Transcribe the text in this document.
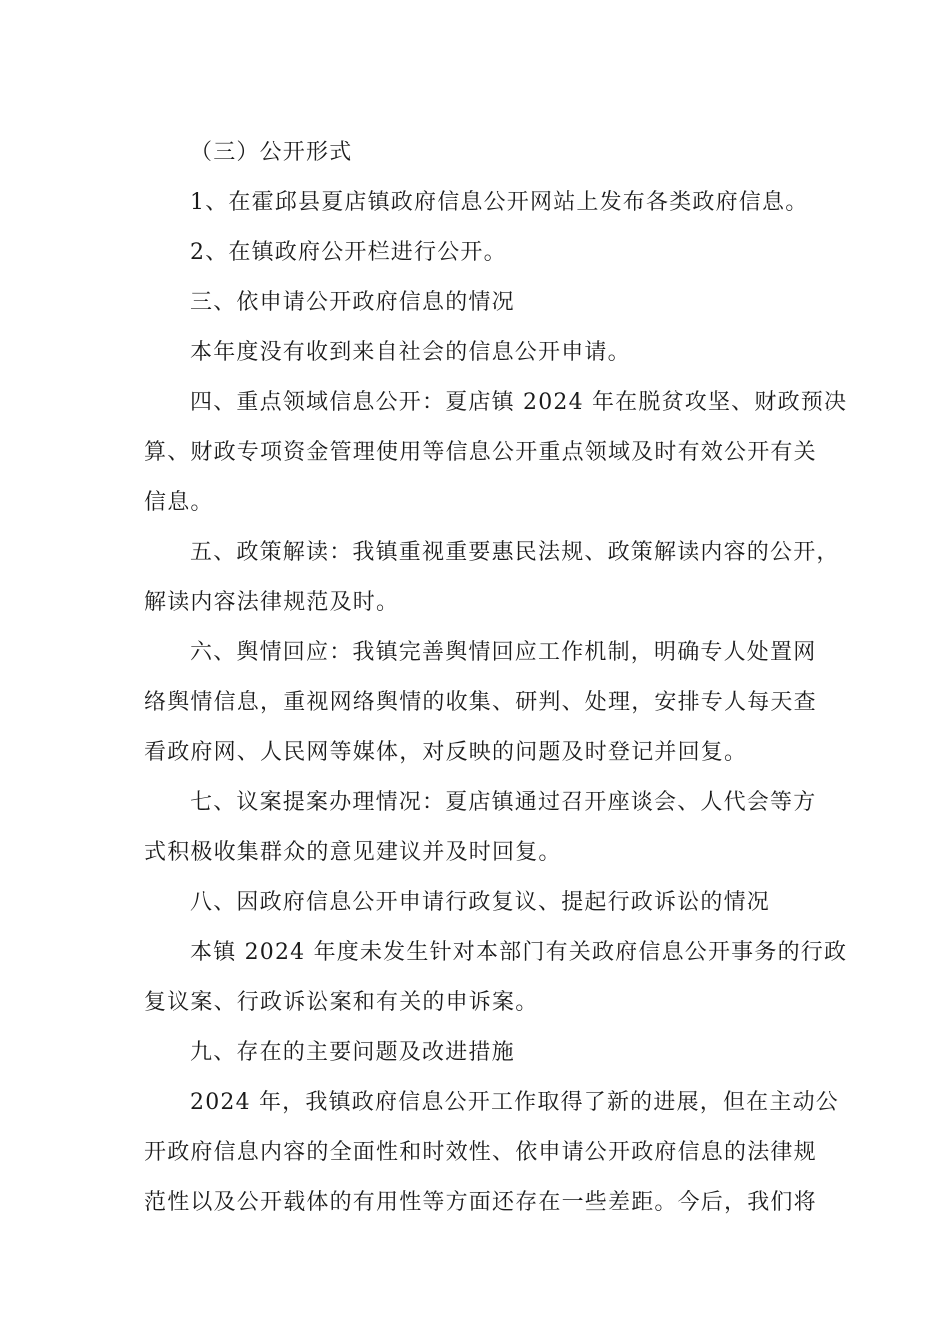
（三）公开形式
1、在霍邱县夏店镇政府信息公开网站上发布各类政府信息。
2、在镇政府公开栏进行公开。
三、依申请公开政府信息的情况
本年度没有收到来自社会的信息公开申请。
四、重点领域信息公开：夏店镇 2024 年在脱贫攻坚、财政预决
算、财政专项资金管理使用等信息公开重点领域及时有效公开有关
信息。
五、政策解读：我镇重视重要惠民法规、政策解读内容的公开，
解读内容法律规范及时。
六、舆情回应：我镇完善舆情回应工作机制，明确专人处置网
络舆情信息，重视网络舆情的收集、研判、处理，安排专人每天查
看政府网、人民网等媒体，对反映的问题及时登记并回复。
七、议案提案办理情况：夏店镇通过召开座谈会、人代会等方
式积极收集群众的意见建议并及时回复。
八、因政府信息公开申请行政复议、提起行政诉讼的情况
本镇 2024 年度未发生针对本部门有关政府信息公开事务的行政
复议案、行政诉讼案和有关的申诉案。
九、存在的主要问题及改进措施
2024 年，我镇政府信息公开工作取得了新的进展，但在主动公
开政府信息内容的全面性和时效性、依申请公开政府信息的法律规
范性以及公开载体的有用性等方面还存在一些差距。今后，我们将
